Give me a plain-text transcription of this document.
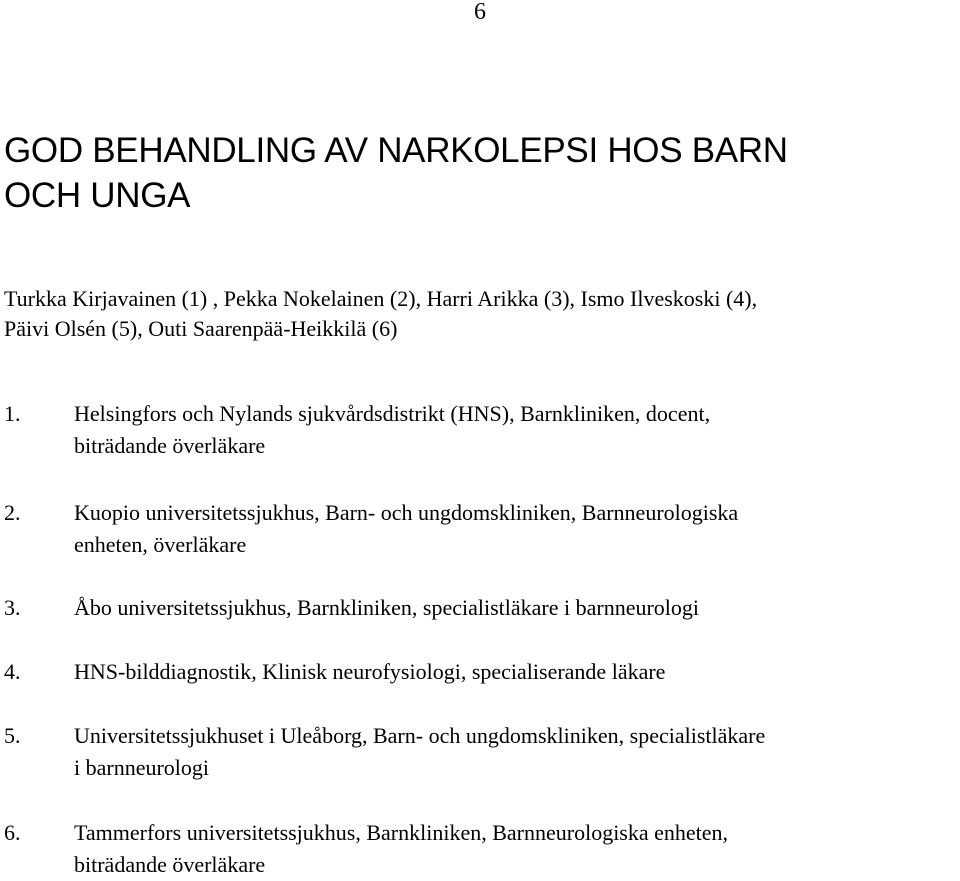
6
GOD BEHANDLING AV NARKOLEPSI HOS BARN
OCH UNGA
Turkka Kirjavainen (1) , Pekka Nokelainen (2), Harri Arikka (3), Ismo Ilveskoski (4),
Päivi Olsén (5), Outi Saarenpää-Heikkilä (6)
1. Helsingfors och Nylands sjukvårdsdistrikt (HNS), Barnkliniken, docent,
biträdande överläkare
2. Kuopio universitetssjukhus, Barn- och ungdomskliniken, Barnneurologiska
enheten, överläkare
3. Åbo universitetssjukhus, Barnkliniken, specialistläkare i barnneurologi
4. HNS-bilddiagnostik, Klinisk neurofysiologi, specialiserande läkare
5. Universitetssjukhuset i Uleåborg, Barn- och ungdomskliniken, specialistläkare
i barnneurologi
6. Tammerfors universitetssjukhus, Barnkliniken, Barnneurologiska enheten,
biträdande överläkare
